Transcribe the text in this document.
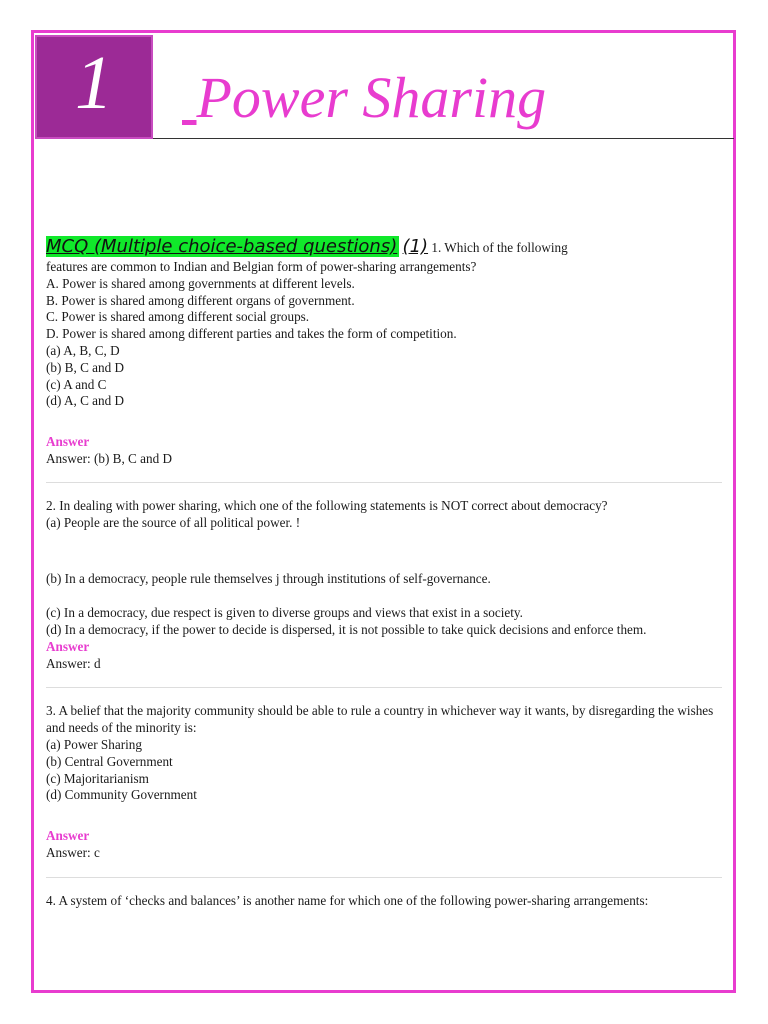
1 Power Sharing

MCQ (Multiple choice-based questions) (1) 1. Which of the following

features are common to Indian and Belgian form of power-sharing arrangements?

A. Power is shared among governments at different levels.

B. Power is shared among different organs of government.

C. Power is shared among different social groups.

D. Power is shared among different parties and takes the form of competition.

(a) A, B, C, D

(b) B, C and D

(c) A and C

(d) A, C and D

Answer

Answer: (b) B, C and D

2. In dealing with power sharing, which one of the following statements is NOT correct about democracy?

(a) People are the source of all political power. !

(b) In a democracy, people rule themselves j through institutions of self-governance.

(c) In a democracy, due respect is given to diverse groups and views that exist in a society.

(d) In a democracy, if the power to decide is dispersed, it is not possible to take quick decisions and enforce them.

Answer

Answer: d

3. A belief that the majority community should be able to rule a country in whichever way it wants, by disregarding the wishes and needs of the minority is:

(a) Power Sharing

(b) Central Government

(c) Majoritarianism

(d) Community Government

Answer

Answer: c

4. A system of ‘checks and balances’ is another name for which one of the following power-sharing arrangements:
